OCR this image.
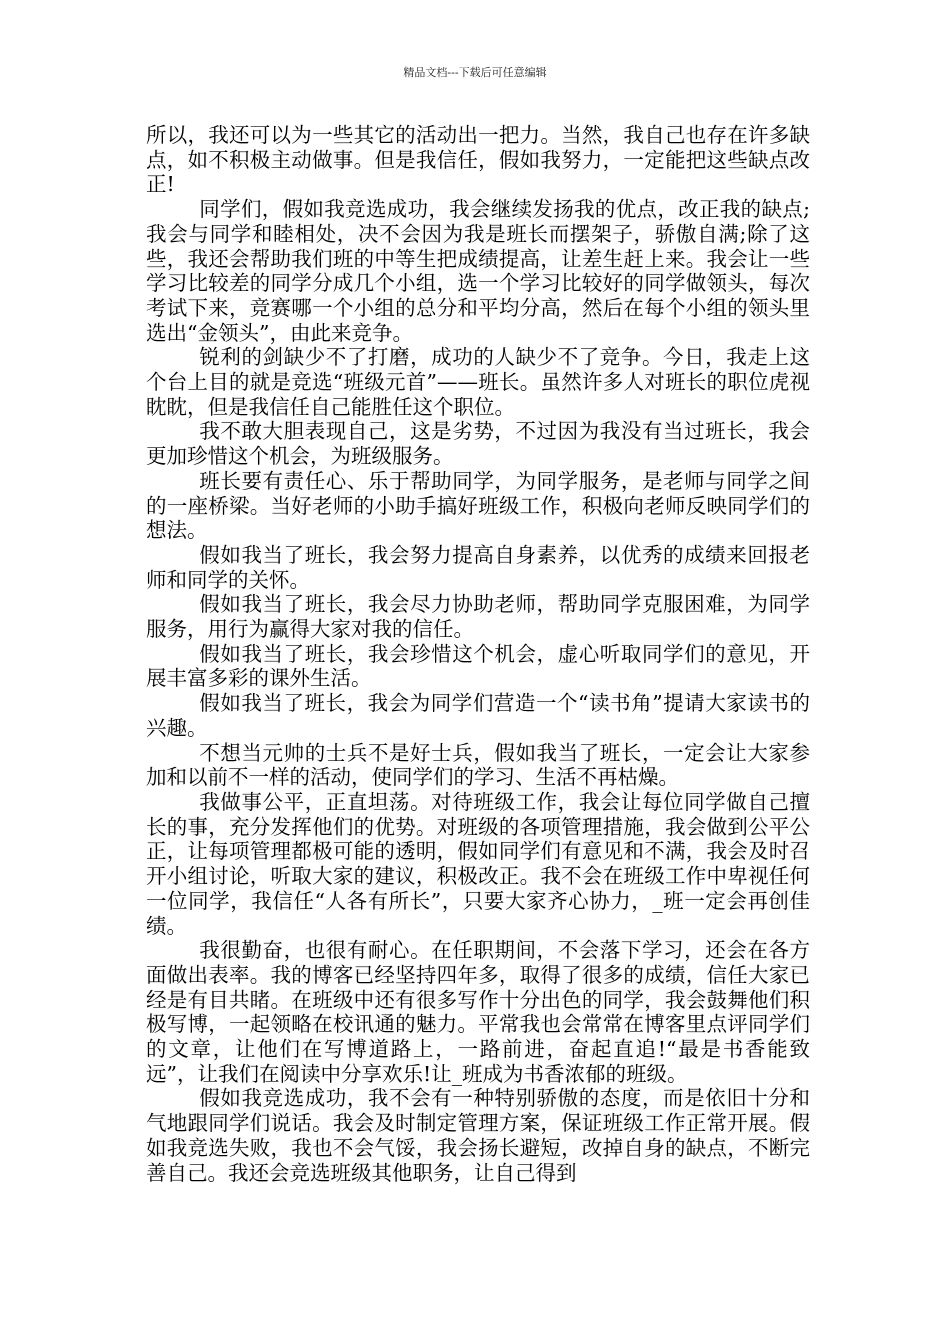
精品文档---下载后可任意编辑

所以，我还可以为一些其它的活动出一把力。当然，我自己也存在许多缺点，如不积极主动做事。但是我信任，假如我努力，一定能把这些缺点改正!

同学们，假如我竞选成功，我会继续发扬我的优点，改正我的缺点;我会与同学和睦相处，决不会因为我是班长而摆架子，骄傲自满;除了这些，我还会帮助我们班的中等生把成绩提高，让差生赶上来。我会让一些学习比较差的同学分成几个小组，选一个学习比较好的同学做领头，每次考试下来，竞赛哪一个小组的总分和平均分高，然后在每个小组的领头里选出“金领头”，由此来竞争。

锐利的剑缺少不了打磨，成功的人缺少不了竞争。今日，我走上这个台上目的就是竞选“班级元首”——班长。虽然许多人对班长的职位虎视眈眈，但是我信任自己能胜任这个职位。

我不敢大胆表现自己，这是劣势，不过因为我没有当过班长，我会更加珍惜这个机会，为班级服务。

班长要有责任心、乐于帮助同学，为同学服务，是老师与同学之间的一座桥梁。当好老师的小助手搞好班级工作，积极向老师反映同学们的想法。

假如我当了班长，我会努力提高自身素养，以优秀的成绩来回报老师和同学的关怀。

假如我当了班长，我会尽力协助老师，帮助同学克服困难，为同学服务，用行为赢得大家对我的信任。

假如我当了班长，我会珍惜这个机会，虚心听取同学们的意见，开展丰富多彩的课外生活。

假如我当了班长，我会为同学们营造一个“读书角”提请大家读书的兴趣。

不想当元帅的士兵不是好士兵，假如我当了班长，一定会让大家参加和以前不一样的活动，使同学们的学习、生活不再枯燥。

我做事公平，正直坦荡。对待班级工作，我会让每位同学做自己擅长的事，充分发挥他们的优势。对班级的各项管理措施，我会做到公平公正，让每项管理都极可能的透明，假如同学们有意见和不满，我会及时召开小组讨论，听取大家的建议，积极改正。我不会在班级工作中卑视任何一位同学，我信任“人各有所长”，只要大家齐心协力，_班一定会再创佳绩。

我很勤奋，也很有耐心。在任职期间，不会落下学习，还会在各方面做出表率。我的博客已经坚持四年多，取得了很多的成绩，信任大家已经是有目共睹。在班级中还有很多写作十分出色的同学，我会鼓舞他们积极写博，一起领略在校讯通的魅力。平常我也会常常在博客里点评同学们的文章，让他们在写博道路上，一路前进，奋起直追!“最是书香能致远”，让我们在阅读中分享欢乐!让_班成为书香浓郁的班级。

假如我竞选成功，我不会有一种特别骄傲的态度，而是依旧十分和气地跟同学们说话。我会及时制定管理方案，保证班级工作正常开展。假如我竞选失败，我也不会气馁，我会扬长避短，改掉自身的缺点，不断完善自己。我还会竞选班级其他职务，让自己得到
